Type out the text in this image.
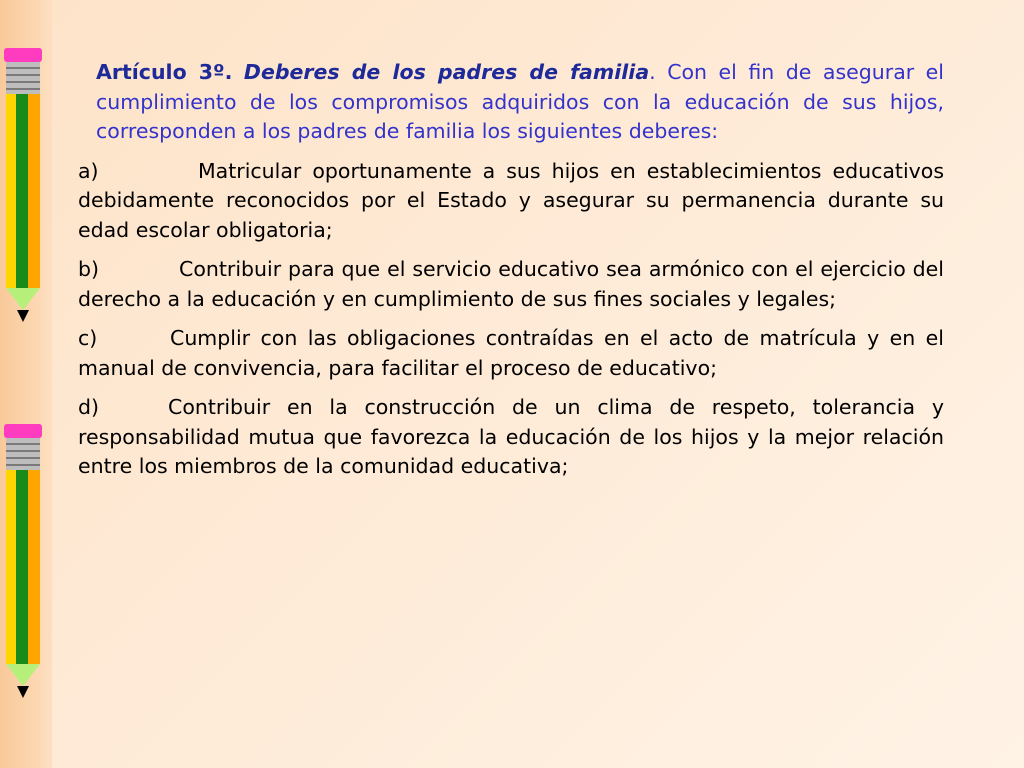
Artículo 3º. Deberes de los padres de familia. Con el fin de asegurar el cumplimiento de los compromisos adquiridos con la educación de sus hijos, corresponden a los padres de familia los siguientes deberes:

a)	Matricular oportunamente a sus hijos en establecimientos educativos debidamente reconocidos por el Estado y asegurar su permanencia durante su edad escolar obligatoria;

b)	Contribuir para que el servicio educativo sea armónico con el ejercicio del derecho a la educación y en cumplimiento de sus fines sociales y legales;

c)	Cumplir con las obligaciones contraídas en el acto de matrícula y en el manual de convivencia, para facilitar el proceso de educativo;

d)	Contribuir en la construcción de un clima de respeto, tolerancia y responsabilidad mutua que favorezca la educación de los hijos y la mejor relación entre los miembros de la comunidad educativa;
